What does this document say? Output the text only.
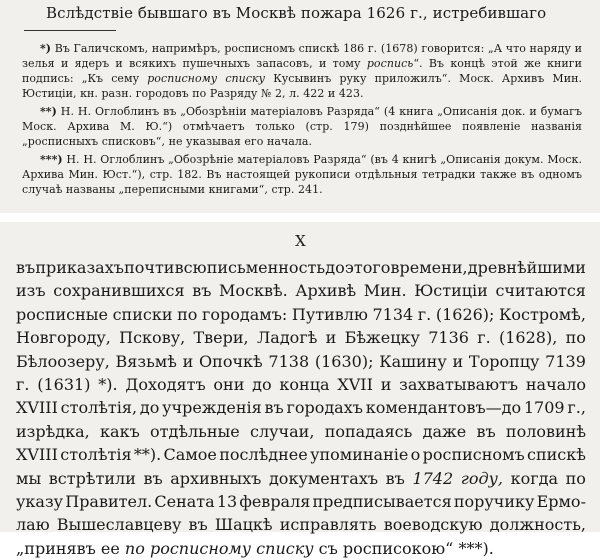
Вслѣдствіе бывшаго въ Москвѣ пожара 1626 г., истребившаго

*) Въ Галичскомъ, напримѣръ, росписномъ спискѣ 186 г. (1678) говорится: „А что наряду и зелья и ядеръ и всякихъ пушечныхъ запасовъ, и тому роспись“. Въ концѣ этой же книги подпись: „Къ сему росписному списку Кусывинъ руку приложилъ“. Моск. Архивъ Мин. Юстиціи, кн. разн. городовъ по Разряду № 2, л. 422 и 423.

**) Н. Н. Оглоблинъ въ „Обозрѣніи матеріаловъ Разряда“ (4 книга „Описанія док. и бумагъ Моск. Архива М. Ю.“) отмѣчаетъ только (стр. 179) позднѣйшее появленіе названія „росписныхъ списковъ“, не указывая его начала.

***) Н. Н. Оглоблинъ „Обозрѣніе матеріаловъ Разряда“ (въ 4 книгѣ „Описанія докум. Моск. Архива Мин. Юст.“), стр. 182. Въ настоящей рукописи отдѣльныя тетрадки также въ одномъ случаѣ названы „переписными книгами“, стр. 241.

X
въ приказахъ почти всю письменность до этого времени, древнѣйшими
изъ сохранившихся въ Москвѣ. Архивѣ Мин. Юстиціи считаются
росписные списки по городамъ: Путивлю 7134 г. (1626); Костромѣ,
Новгороду, Пскову, Твери, Ладогѣ и Бѣжецку 7136 г. (1628), по
Бѣлоозеру, Вязьмѣ и Опочкѣ 7138 (1630); Кашину и Торопцу 7139
г. (1631) *). Доходятъ они до конца XVII и захватываютъ начало
XVIII столѣтія, до учрежденія въ городахъ комендантовъ—до 1709 г.,
изрѣдка, какъ отдѣльные случаи, попадаясь даже въ половинѣ
XVIII столѣтія **). Самое послѣднее упоминаніе о росписномъ спискѣ
мы встрѣтили въ архивныхъ документахъ въ 1742 году, когда по
указу Правител. Сената 13 февраля предписывается поручику Ермо-
лаю Вышеславцеву въ Шацкѣ исправлять воеводскую должность,
„принявъ ее по росписному списку съ росписокою“ ***).
